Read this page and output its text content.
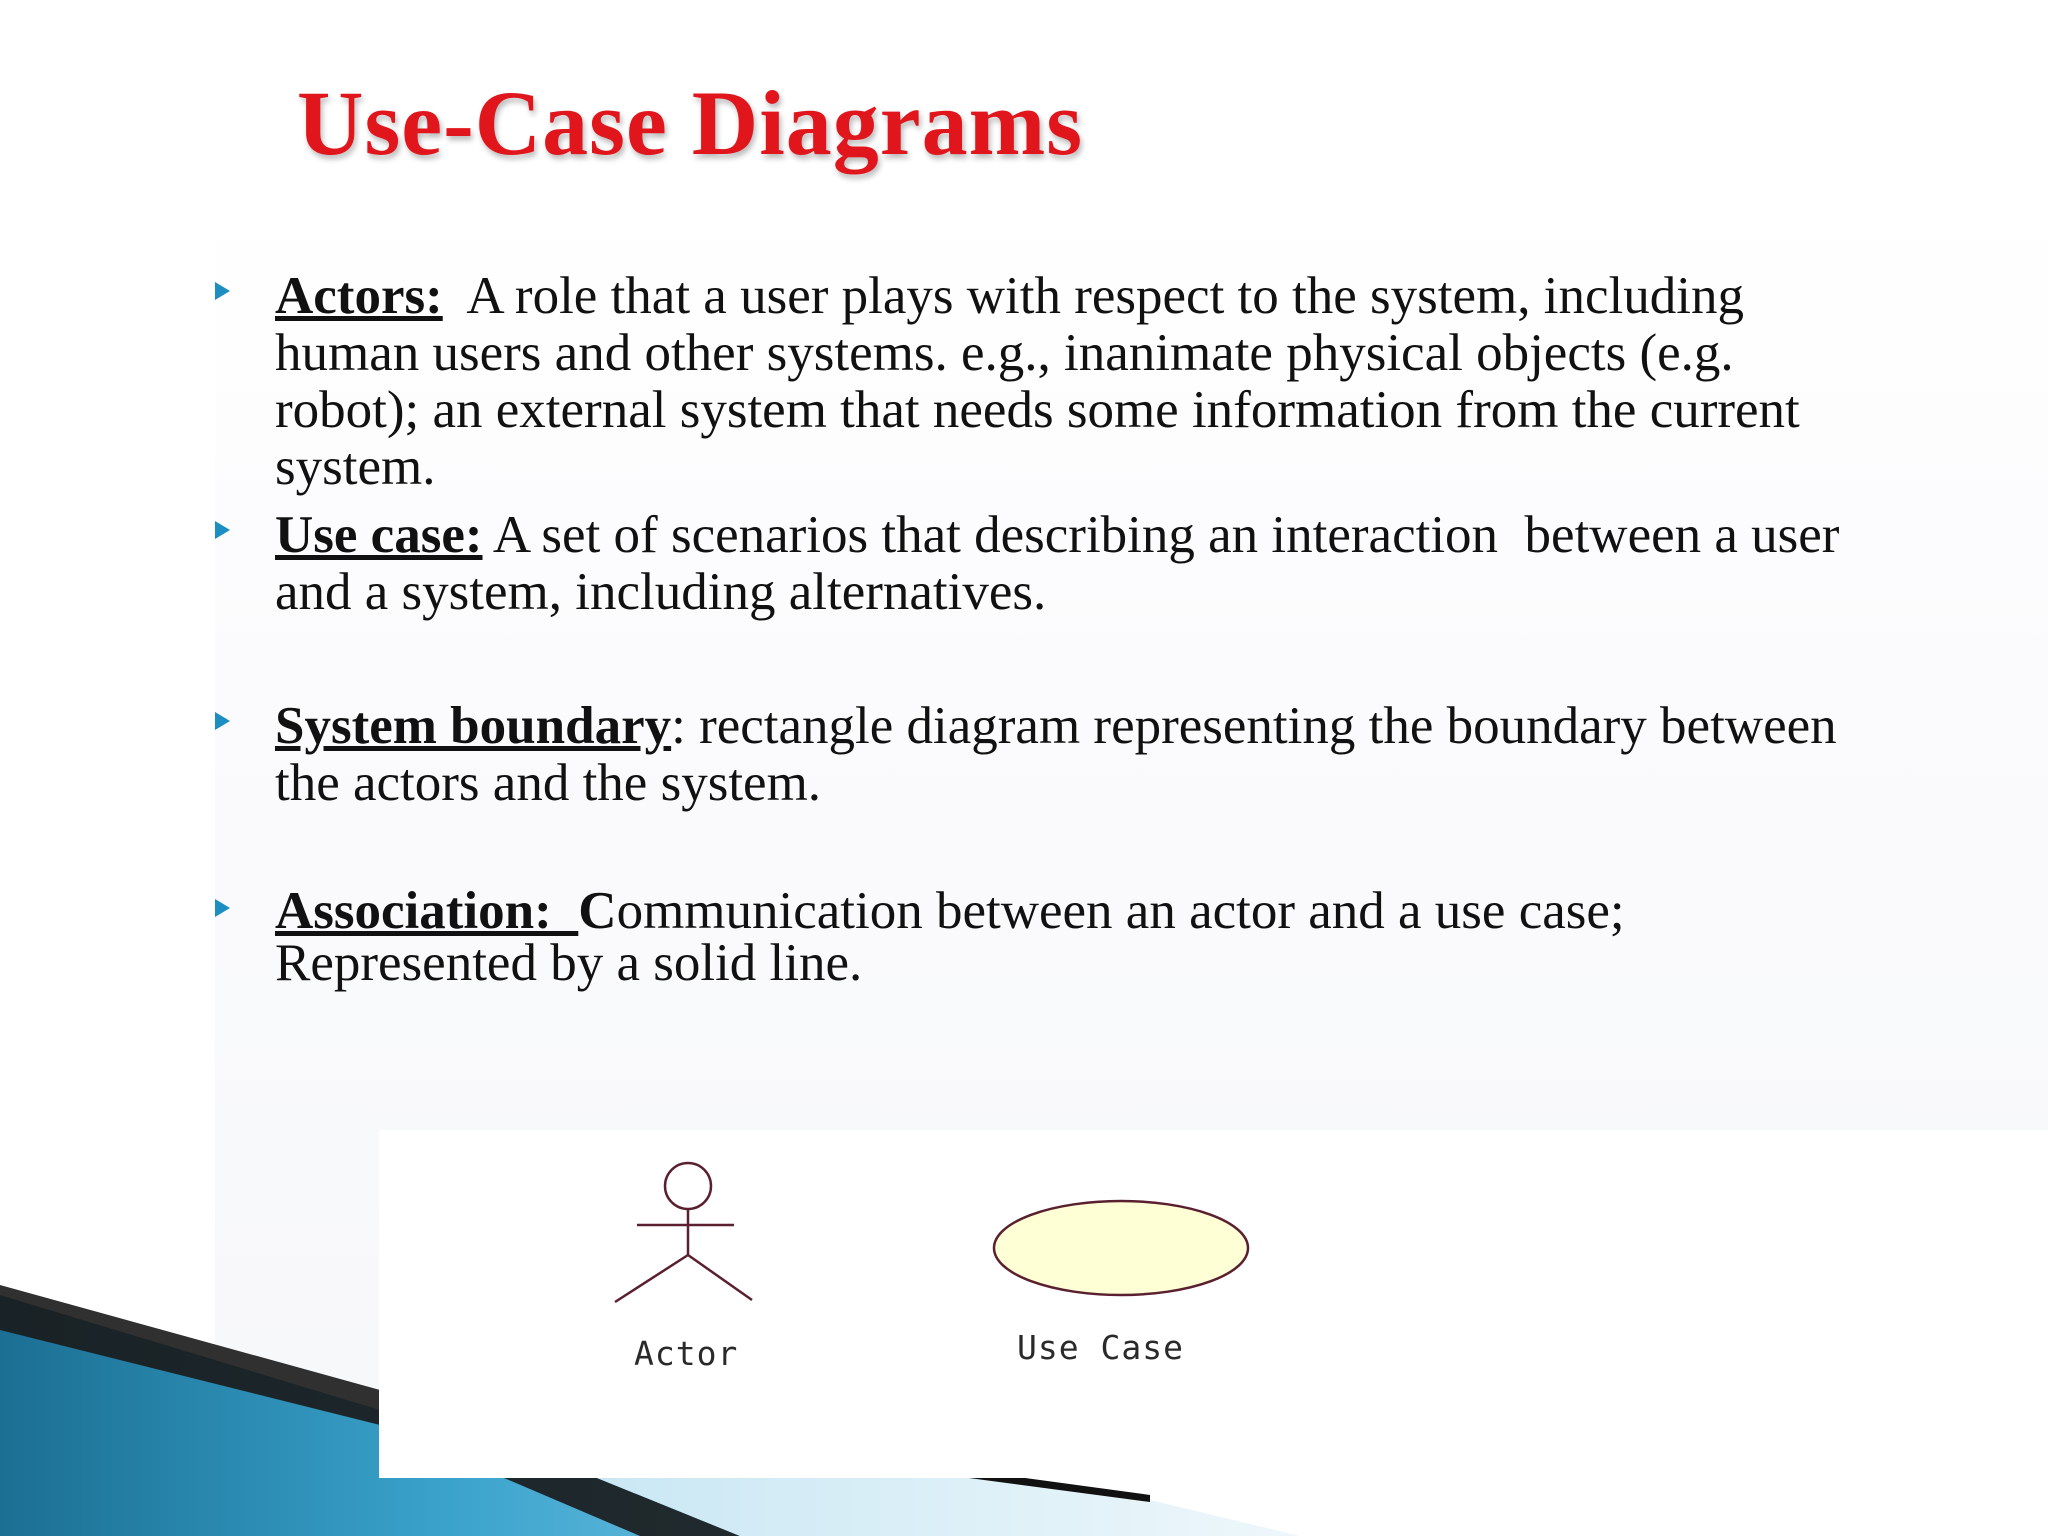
Actor	Use Case
Use-Case Diagrams
Actors:  A role that a user plays with respect to the system, including human users and other systems. e.g., inanimate physical objects (e.g. robot); an external system that needs some information from the current system.
Use case: A set of scenarios that describing an interaction  between a user and a system, including alternatives.
System boundary: rectangle diagram representing the boundary between the actors and the system.
Association:  Communication between an actor and a use case; Represented by a solid line.
